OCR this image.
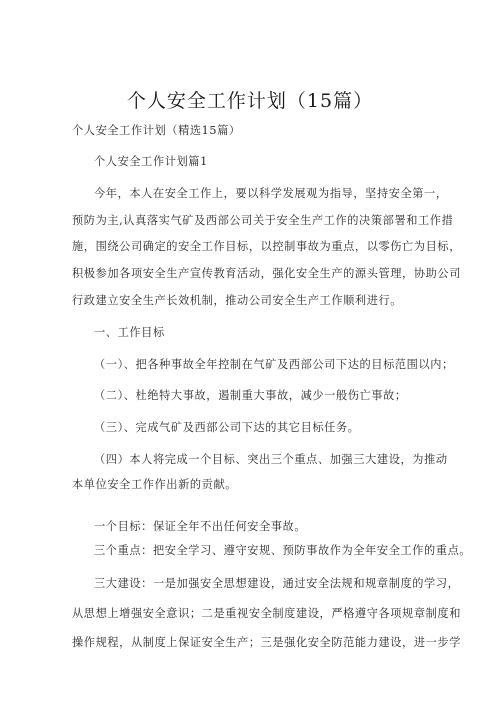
个人安全工作计划（15篇）
个人安全工作计划（精选15篇）
个人安全工作计划篇1
今年，本人在安全工作上，要以科学发展观为指导，坚持安全第一，
预防为主,认真落实气矿及西部公司关于安全生产工作的决策部署和工作措
施，围绕公司确定的安全工作目标，以控制事故为重点，以零伤亡为目标，
积极参加各项安全生产宣传教育活动，强化安全生产的源头管理，协助公司
行政建立安全生产长效机制，推动公司安全生产工作顺利进行。
一、工作目标
（一）、把各种事故全年控制在气矿及西部公司下达的目标范围以内；
（二）、杜绝特大事故，遏制重大事故，减少一般伤亡事故；
（三）、完成气矿及西部公司下达的其它目标任务。
（四）本人将完成一个目标、突出三个重点、加强三大建设，为推动
本单位安全工作作出新的贡献。
一个目标：保证全年不出任何安全事故。
三个重点：把安全学习、遵守安规、预防事故作为全年安全工作的重点。
三大建设：一是加强安全思想建设，通过安全法规和规章制度的学习，
从思想上增强安全意识；二是重视安全制度建设，严格遵守各项规章制度和
操作规程，从制度上保证安全生产；三是强化安全防范能力建设，进一步学
